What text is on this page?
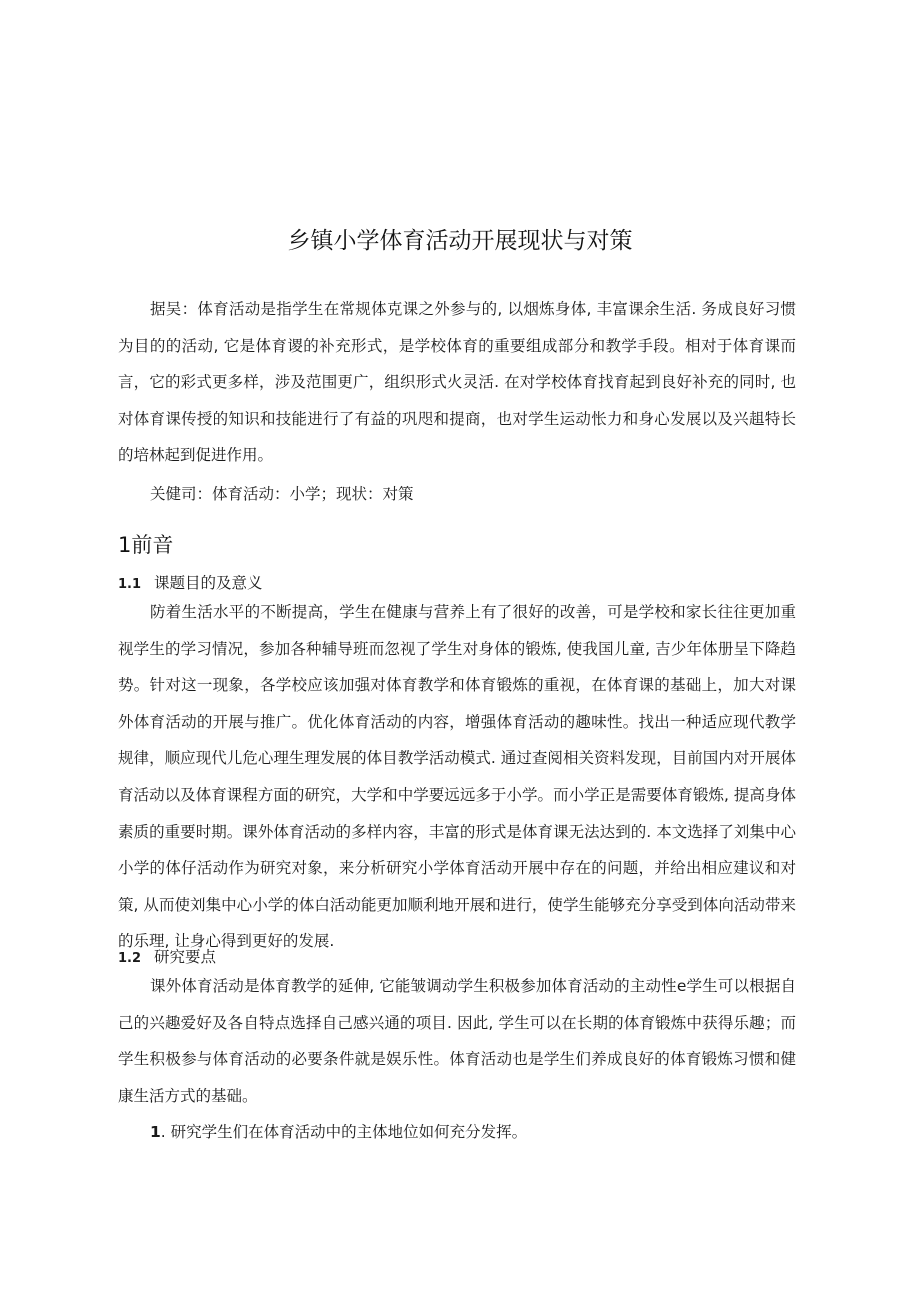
乡镇小学体育活动开展现状与对策
据吴：体育活动是指学生在常规体克课之外参与的, 以烟炼身体, 丰富课余生活. 务成良好习惯为目的的活动, 它是体育谡的补充形式，是学校体育的重要组成部分和教学手段。相对于体育课而言，它的彩式更多样，涉及范围更广，组织形式火灵活. 在对学校体育找育起到良好补充的同时, 也对体育课传授的知识和技能进行了有益的巩咫和提商，也对学生运动怅力和身心发展以及兴趄特长的培林起到促进作用。
关健司：体育活动：小学；现状：对策
1前音
1.1 课题目的及意义
防着生活水平的不断提高，学生在健康与营养上有了很好的改善，可是学校和家长往往更加重视学生的学习情况，参加各种辅导班而忽视了学生对身体的锻炼, 使我国儿童, 吉少年体册呈下降趋势。针对这一现象，各学校应该加强对体育教学和体育锻炼的重视，在体育课的基础上，加大对课外体育活动的开展与推广。优化体育活动的内容，增强体育活动的趣味性。找出一种适应现代教学规律，顺应现代儿危心理生理发展的体目教学活动模式. 通过查阅相关资料发现，目前国内对开展体育活动以及体育课程方面的研究，大学和中学要远远多于小学。而小学正是需要体育锻炼, 提高身体素质的重要时期。课外体育活动的多样内容，丰富的形式是体育课无法达到的. 本文选择了刘集中心小学的体仔活动作为研究对象，来分析研究小学体育活动开展中存在的问题，并给出相应建议和对策, 从而使刘集中心小学的体白活动能更加顺利地开展和进行，使学生能够充分享受到体向活动带来的乐理, 让身心得到更好的发展.
1.2 研究要点
课外体育活动是体育教学的延伸, 它能皱调动学生积极参加体育活动的主动性e学生可以根据自己的兴趣爱好及各自特点选择自己感兴通的项目. 因此, 学生可以在长期的体育锻炼中获得乐趣；而学生积极参与体育活动的必要条件就是娱乐性。体育活动也是学生们养成良好的体育锻炼习惯和健康生活方式的基础。
1. 研究学生们在体育活动中的主体地位如何充分发挥。
